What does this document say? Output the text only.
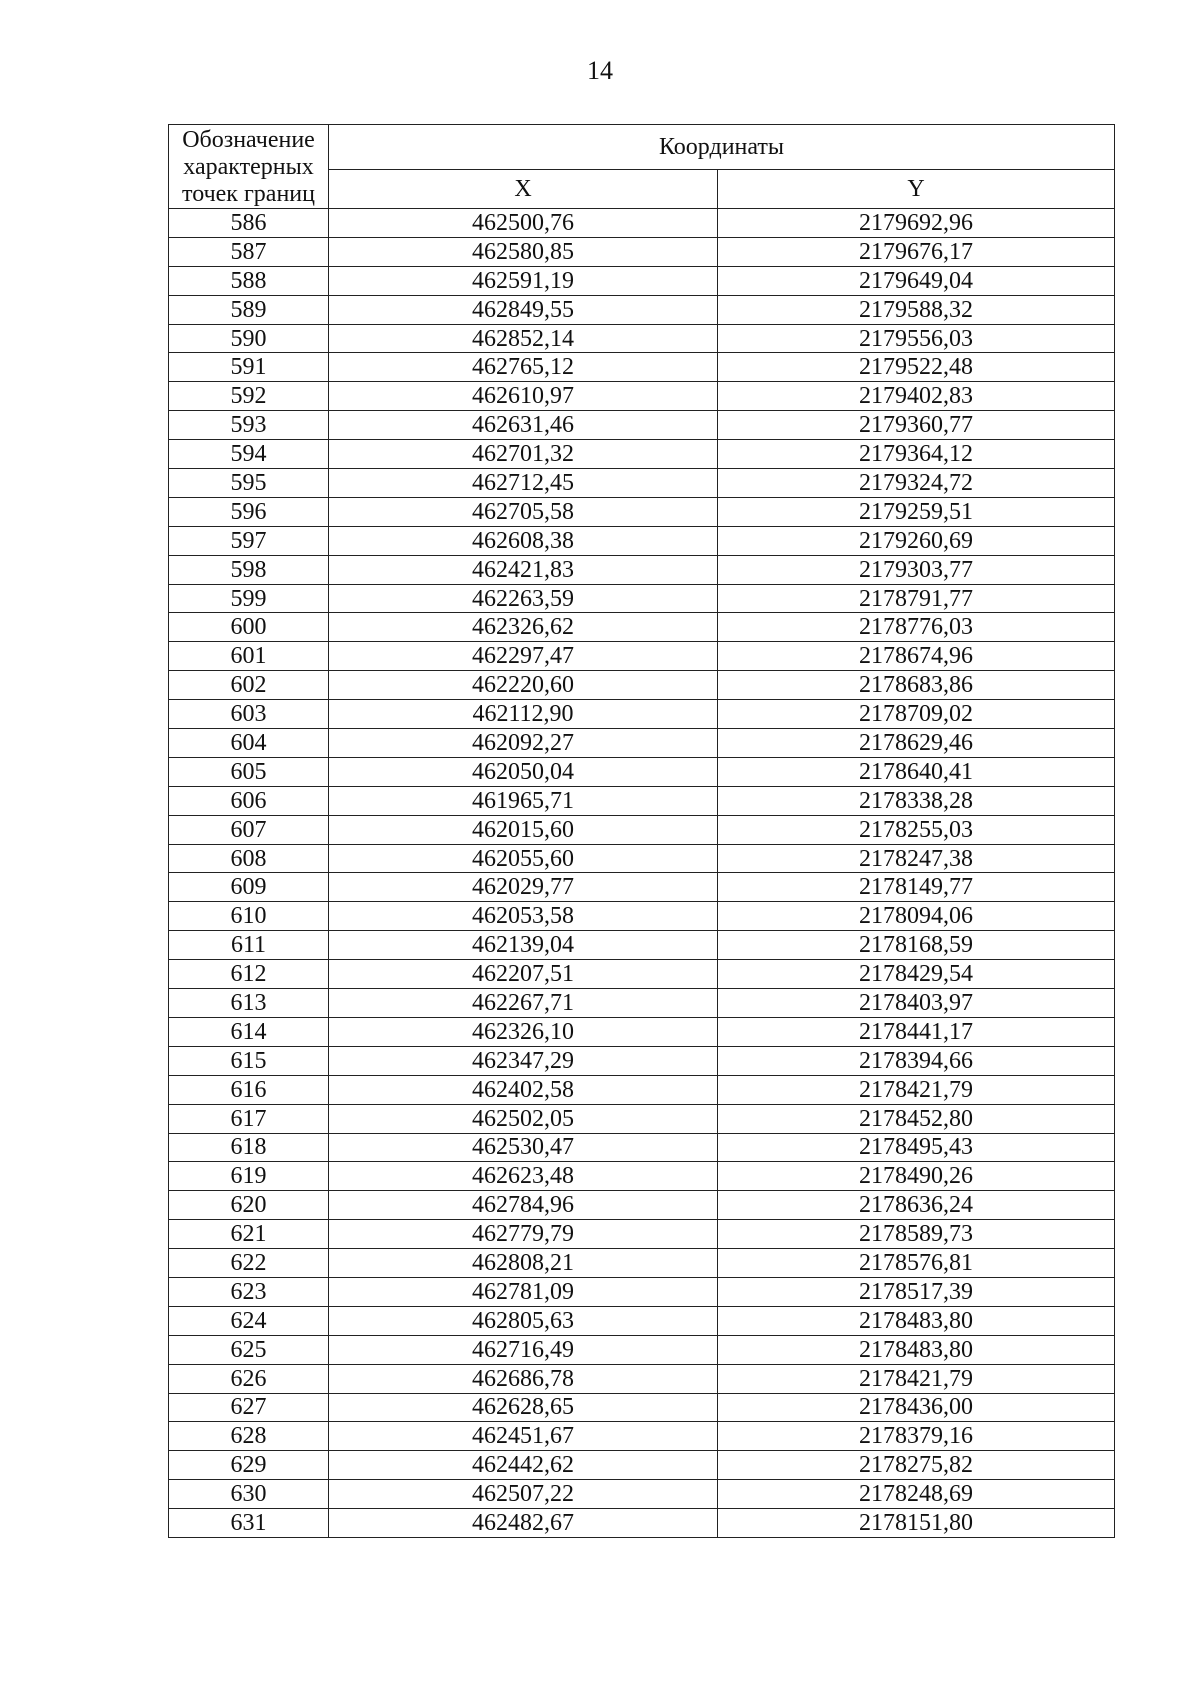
14
Обозначение характерных точек границ	Координаты	
	X	Y
586	462500,76	2179692,96
587	462580,85	2179676,17
588	462591,19	2179649,04
589	462849,55	2179588,32
590	462852,14	2179556,03
591	462765,12	2179522,48
592	462610,97	2179402,83
593	462631,46	2179360,77
594	462701,32	2179364,12
595	462712,45	2179324,72
596	462705,58	2179259,51
597	462608,38	2179260,69
598	462421,83	2179303,77
599	462263,59	2178791,77
600	462326,62	2178776,03
601	462297,47	2178674,96
602	462220,60	2178683,86
603	462112,90	2178709,02
604	462092,27	2178629,46
605	462050,04	2178640,41
606	461965,71	2178338,28
607	462015,60	2178255,03
608	462055,60	2178247,38
609	462029,77	2178149,77
610	462053,58	2178094,06
611	462139,04	2178168,59
612	462207,51	2178429,54
613	462267,71	2178403,97
614	462326,10	2178441,17
615	462347,29	2178394,66
616	462402,58	2178421,79
617	462502,05	2178452,80
618	462530,47	2178495,43
619	462623,48	2178490,26
620	462784,96	2178636,24
621	462779,79	2178589,73
622	462808,21	2178576,81
623	462781,09	2178517,39
624	462805,63	2178483,80
625	462716,49	2178483,80
626	462686,78	2178421,79
627	462628,65	2178436,00
628	462451,67	2178379,16
629	462442,62	2178275,82
630	462507,22	2178248,69
631	462482,67	2178151,80
